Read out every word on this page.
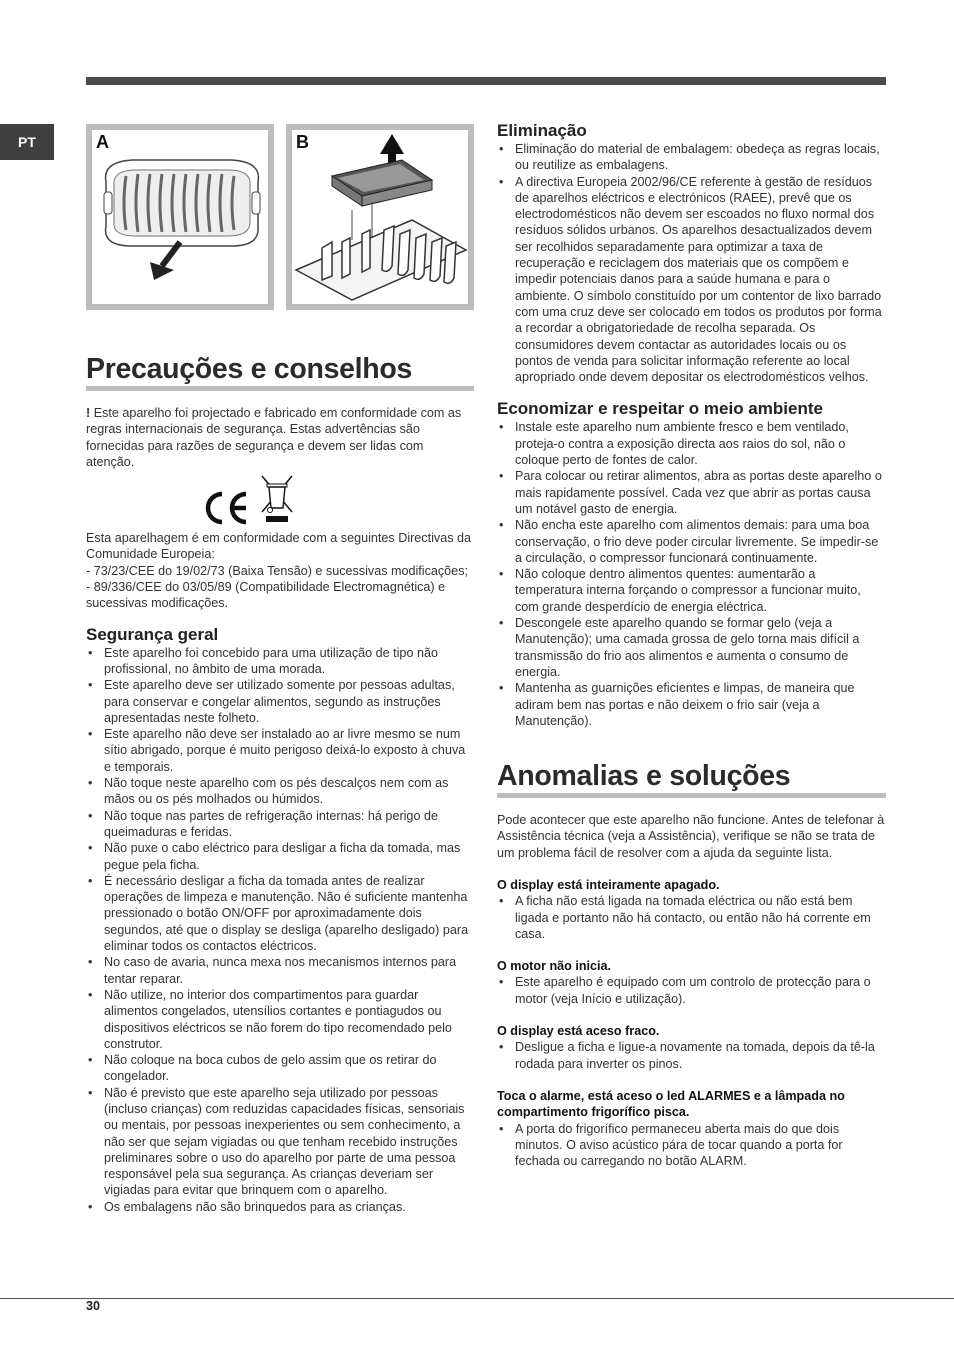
PT	A	B
Precauções e conselhos

! Este aparelho foi projectado e fabricado em conformidade com as regras internacionais de segurança. Estas advertências são fornecidas para razões de segurança e devem ser lidas com atenção.

Esta aparelhagem é em conformidade com a seguintes Directivas da Comunidade Europeia:

- 73/23/CEE do 19/02/73 (Baixa Tensão) e sucessivas modificações;

- 89/336/CEE do 03/05/89 (Compatibilidade Electromagnética) e sucessivas modificações.

Segurança geral
• Este aparelho foi concebido para uma utilização de tipo não profissional, no âmbito de uma morada.
• Este aparelho deve ser utilizado somente por pessoas adultas, para conservar e congelar alimentos, segundo as instruções apresentadas neste folheto.
• Este aparelho não deve ser instalado ao ar livre mesmo se num sítio abrigado, porque é muito perigoso deixá-lo exposto à chuva e temporais.
• Não toque neste aparelho com os pés descalços nem com as mãos ou os pés molhados ou húmidos.
• Não toque nas partes de refrigeração internas: há perigo de queimaduras e feridas.
• Não puxe o cabo eléctrico para desligar a ficha da tomada, mas pegue pela ficha.
• É necessário desligar a ficha da tomada antes de realizar operações de limpeza e manutenção. Não é suficiente mantenha pressionado o botão ON/OFF por aproximadamente dois segundos, até que o display se desliga (aparelho desligado) para eliminar todos os contactos eléctricos.
• No caso de avaria, nunca mexa nos mecanismos internos para tentar reparar.
• Não utilize, no interior dos compartimentos para guardar alimentos congelados, utensílios cortantes e pontiagudos ou dispositivos eléctricos se não forem do tipo recomendado pelo construtor.
• Não coloque na boca cubos de gelo assim que os retirar do congelador.
• Não é previsto que este aparelho seja utilizado por pessoas (incluso crianças) com reduzidas capacidades físicas, sensoriais ou mentais, por pessoas inexperientes ou sem conhecimento, a não ser que sejam vigiadas ou que tenham recebido instruções preliminares sobre o uso do aparelho por parte de uma pessoa responsável pela sua segurança. As crianças deveriam ser vigiadas para evitar que brinquem com o aparelho.
• Os embalagens não são brinquedos para as crianças.
Eliminação
• Eliminação do material de embalagem: obedeça as regras locais, ou reutilize as embalagens.
• A directiva Europeia 2002/96/CE referente à gestão de resíduos de aparelhos eléctricos e electrónicos (RAEE), prevê que os electrodomésticos não devem ser escoados no fluxo normal dos resíduos sólidos urbanos. Os aparelhos desactualizados devem ser recolhidos separadamente para optimizar a taxa de recuperação e reciclagem dos materiais que os compõem e impedir potenciais danos para a saúde humana e para o ambiente. O símbolo constituído por um contentor de lixo barrado com uma cruz deve ser colocado em todos os produtos por forma a recordar a obrigatoriedade de recolha separada. Os consumidores devem contactar as autoridades locais ou os pontos de venda para solicitar informação referente ao local apropriado onde devem depositar os electrodomésticos velhos.
Economizar e respeitar o meio ambiente
• Instale este aparelho num ambiente fresco e bem ventilado, proteja-o contra a exposição directa aos raios do sol, não o coloque perto de fontes de calor.
• Para colocar ou retirar alimentos, abra as portas deste aparelho o mais rapidamente possível. Cada vez que abrir as portas causa um notável gasto de energia.
• Não encha este aparelho com alimentos demais: para uma boa conservação, o frio deve poder circular livremente. Se impedir-se a circulação, o compressor funcionará continuamente.
• Não coloque dentro alimentos quentes: aumentarão a temperatura interna forçando o compressor a funcionar muito, com grande desperdício de energia eléctrica.
• Descongele este aparelho quando se formar gelo (veja a Manutenção); uma camada grossa de gelo torna mais difícil a transmissão do frio aos alimentos e aumenta o consumo de energia.
• Mantenha as guarnições eficientes e limpas, de maneira que adiram bem nas portas e não deixem o frio sair (veja a Manutenção).
Anomalias e soluções

Pode acontecer que este aparelho não funcione. Antes de telefonar à Assistência técnica (veja a Assistência), verifique se não se trata de um problema fácil de resolver com a ajuda da seguinte lista.

O display está inteiramente apagado.
• A ficha não está ligada na tomada eléctrica ou não está bem ligada e portanto não há contacto, ou então não há corrente em casa.
O motor não inicia.
• Este aparelho é equipado com um controlo de protecção para o motor (veja Início e utilização).
O display está aceso fraco.
• Desligue a ficha e ligue-a novamente na tomada, depois da tê-la rodada para inverter os pinos.
Toca o alarme, está aceso o led ALARMES e a lâmpada no compartimento frigorífico pisca.
• A porta do frigorífico permaneceu aberta mais do que dois minutos. O aviso acústico pára de tocar quando a porta for fechada ou carregando no botão ALARM.
30
